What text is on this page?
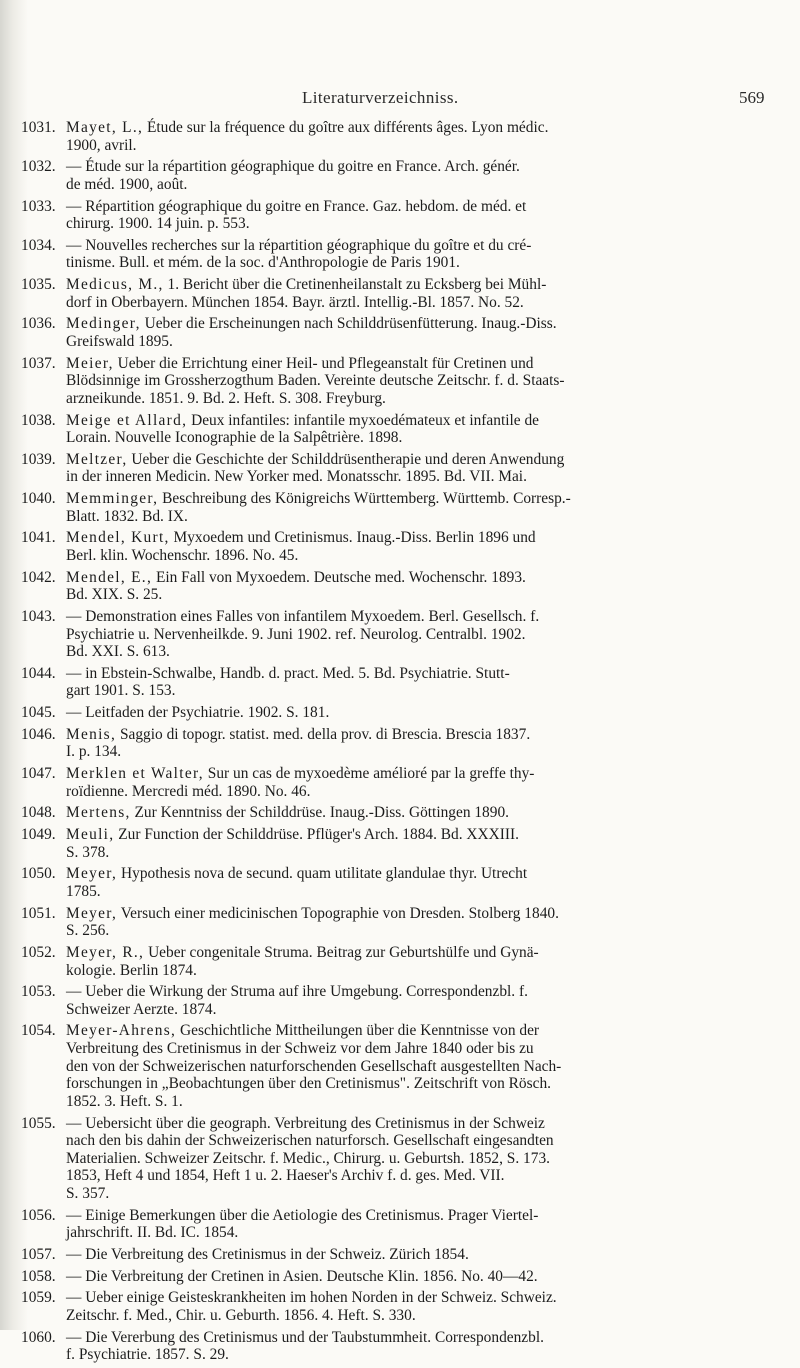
Literaturverzeichniss.	569
1031. Mayet, L., Étude sur la fréquence du goître aux différents âges. Lyon médic.
1900, avril.
1032. — Étude sur la répartition géographique du goitre en France. Arch. génér.
de méd. 1900, août.
1033. — Répartition géographique du goitre en France. Gaz. hebdom. de méd. et
chirurg. 1900. 14 juin. p. 553.
1034. — Nouvelles recherches sur la répartition géographique du goître et du cré-
tinisme. Bull. et mém. de la soc. d'Anthropologie de Paris 1901.
1035. Medicus, M., 1. Bericht über die Cretinenheilanstalt zu Ecksberg bei Mühl-
dorf in Oberbayern. München 1854. Bayr. ärztl. Intellig.-Bl. 1857. No. 52.
1036. Medinger, Ueber die Erscheinungen nach Schilddrüsenfütterung. Inaug.-Diss.
Greifswald 1895.
1037. Meier, Ueber die Errichtung einer Heil- und Pflegeanstalt für Cretinen und
Blödsinnige im Grossherzogthum Baden. Vereinte deutsche Zeitschr. f. d. Staats-
arzneikunde. 1851. 9. Bd. 2. Heft. S. 308. Freyburg.
1038. Meige et Allard, Deux infantiles: infantile myxoedémateux et infantile de
Lorain. Nouvelle Iconographie de la Salpêtrière. 1898.
1039. Meltzer, Ueber die Geschichte der Schilddrüsentherapie und deren Anwendung
in der inneren Medicin. New Yorker med. Monatsschr. 1895. Bd. VII. Mai.
1040. Memminger, Beschreibung des Königreichs Württemberg. Württemb. Corresp.-
Blatt. 1832. Bd. IX.
1041. Mendel, Kurt, Myxoedem und Cretinismus. Inaug.-Diss. Berlin 1896 und
Berl. klin. Wochenschr. 1896. No. 45.
1042. Mendel, E., Ein Fall von Myxoedem. Deutsche med. Wochenschr. 1893.
Bd. XIX. S. 25.
1043. — Demonstration eines Falles von infantilem Myxoedem. Berl. Gesellsch. f.
Psychiatrie u. Nervenheilkde. 9. Juni 1902. ref. Neurolog. Centralbl. 1902.
Bd. XXI. S. 613.
1044. — in Ebstein-Schwalbe, Handb. d. pract. Med. 5. Bd. Psychiatrie. Stutt-
gart 1901. S. 153.
1045. — Leitfaden der Psychiatrie. 1902. S. 181.
1046. Menis, Saggio di topogr. statist. med. della prov. di Brescia. Brescia 1837.
I. p. 134.
1047. Merklen et Walter, Sur un cas de myxoedème amélioré par la greffe thy-
roïdienne. Mercredi méd. 1890. No. 46.
1048. Mertens, Zur Kenntniss der Schilddrüse. Inaug.-Diss. Göttingen 1890.
1049. Meuli, Zur Function der Schilddrüse. Pflüger's Arch. 1884. Bd. XXXIII.
S. 378.
1050. Meyer, Hypothesis nova de secund. quam utilitate glandulae thyr. Utrecht
1785.
1051. Meyer, Versuch einer medicinischen Topographie von Dresden. Stolberg 1840.
S. 256.
1052. Meyer, R., Ueber congenitale Struma. Beitrag zur Geburtshülfe und Gynä-
kologie. Berlin 1874.
1053. — Ueber die Wirkung der Struma auf ihre Umgebung. Correspondenzbl. f.
Schweizer Aerzte. 1874.
1054. Meyer-Ahrens, Geschichtliche Mittheilungen über die Kenntnisse von der
Verbreitung des Cretinismus in der Schweiz vor dem Jahre 1840 oder bis zu
den von der Schweizerischen naturforschenden Gesellschaft ausgestellten Nach-
forschungen in „Beobachtungen über den Cretinismus". Zeitschrift von Rösch.
1852. 3. Heft. S. 1.
1055. — Uebersicht über die geograph. Verbreitung des Cretinismus in der Schweiz
nach den bis dahin der Schweizerischen naturforsch. Gesellschaft eingesandten
Materialien. Schweizer Zeitschr. f. Medic., Chirurg. u. Geburtsh. 1852, S. 173.
1853, Heft 4 und 1854, Heft 1 u. 2. Haeser's Archiv f. d. ges. Med. VII.
S. 357.
1056. — Einige Bemerkungen über die Aetiologie des Cretinismus. Prager Viertel-
jahrschrift. II. Bd. IC. 1854.
1057. — Die Verbreitung des Cretinismus in der Schweiz. Zürich 1854.
1058. — Die Verbreitung der Cretinen in Asien. Deutsche Klin. 1856. No. 40—42.
1059. — Ueber einige Geisteskrankheiten im hohen Norden in der Schweiz. Schweiz.
Zeitschr. f. Med., Chir. u. Geburth. 1856. 4. Heft. S. 330.
1060. — Die Vererbung des Cretinismus und der Taubstummheit. Correspondenzbl.
f. Psychiatrie. 1857. S. 29.
